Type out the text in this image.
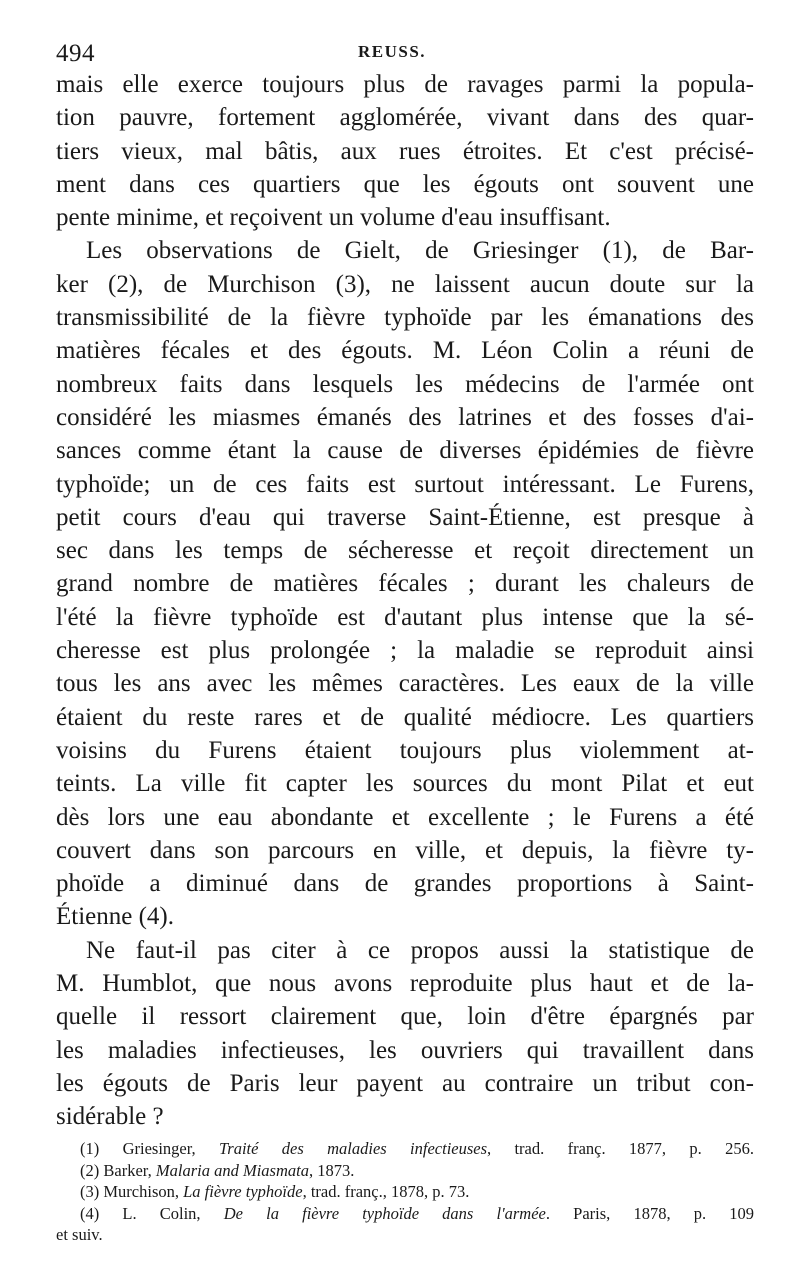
494	REUSS.
mais elle exerce toujours plus de ravages parmi la popula-
tion pauvre, fortement agglomérée, vivant dans des quar-
tiers vieux, mal bâtis, aux rues étroites. Et c'est précisé-
ment dans ces quartiers que les égouts ont souvent une
pente minime, et reçoivent un volume d'eau insuffisant.
Les observations de Gielt, de Griesinger (1), de Bar-
ker (2), de Murchison (3), ne laissent aucun doute sur la
transmissibilité de la fièvre typhoïde par les émanations des
matières fécales et des égouts. M. Léon Colin a réuni de
nombreux faits dans lesquels les médecins de l'armée ont
considéré les miasmes émanés des latrines et des fosses d'ai-
sances comme étant la cause de diverses épidémies de fièvre
typhoïde; un de ces faits est surtout intéressant. Le Furens,
petit cours d'eau qui traverse Saint-Étienne, est presque à
sec dans les temps de sécheresse et reçoit directement un
grand nombre de matières fécales ; durant les chaleurs de
l'été la fièvre typhoïde est d'autant plus intense que la sé-
cheresse est plus prolongée ; la maladie se reproduit ainsi
tous les ans avec les mêmes caractères. Les eaux de la ville
étaient du reste rares et de qualité médiocre. Les quartiers
voisins du Furens étaient toujours plus violemment at-
teints. La ville fit capter les sources du mont Pilat et eut
dès lors une eau abondante et excellente ; le Furens a été
couvert dans son parcours en ville, et depuis, la fièvre ty-
phoïde a diminué dans de grandes proportions à Saint-
Étienne (4).
Ne faut-il pas citer à ce propos aussi la statistique de
M. Humblot, que nous avons reproduite plus haut et de la-
quelle il ressort clairement que, loin d'être épargnés par
les maladies infectieuses, les ouvriers qui travaillent dans
les égouts de Paris leur payent au contraire un tribut con-
sidérable ?
(1) Griesinger, Traité des maladies infectieuses, trad. franç. 1877, p. 256.
(2) Barker, Malaria and Miasmata, 1873.
(3) Murchison, La fièvre typhoïde, trad. franç., 1878, p. 73.
(4) L. Colin, De la fièvre typhoïde dans l'armée. Paris, 1878, p. 109
et suiv.
